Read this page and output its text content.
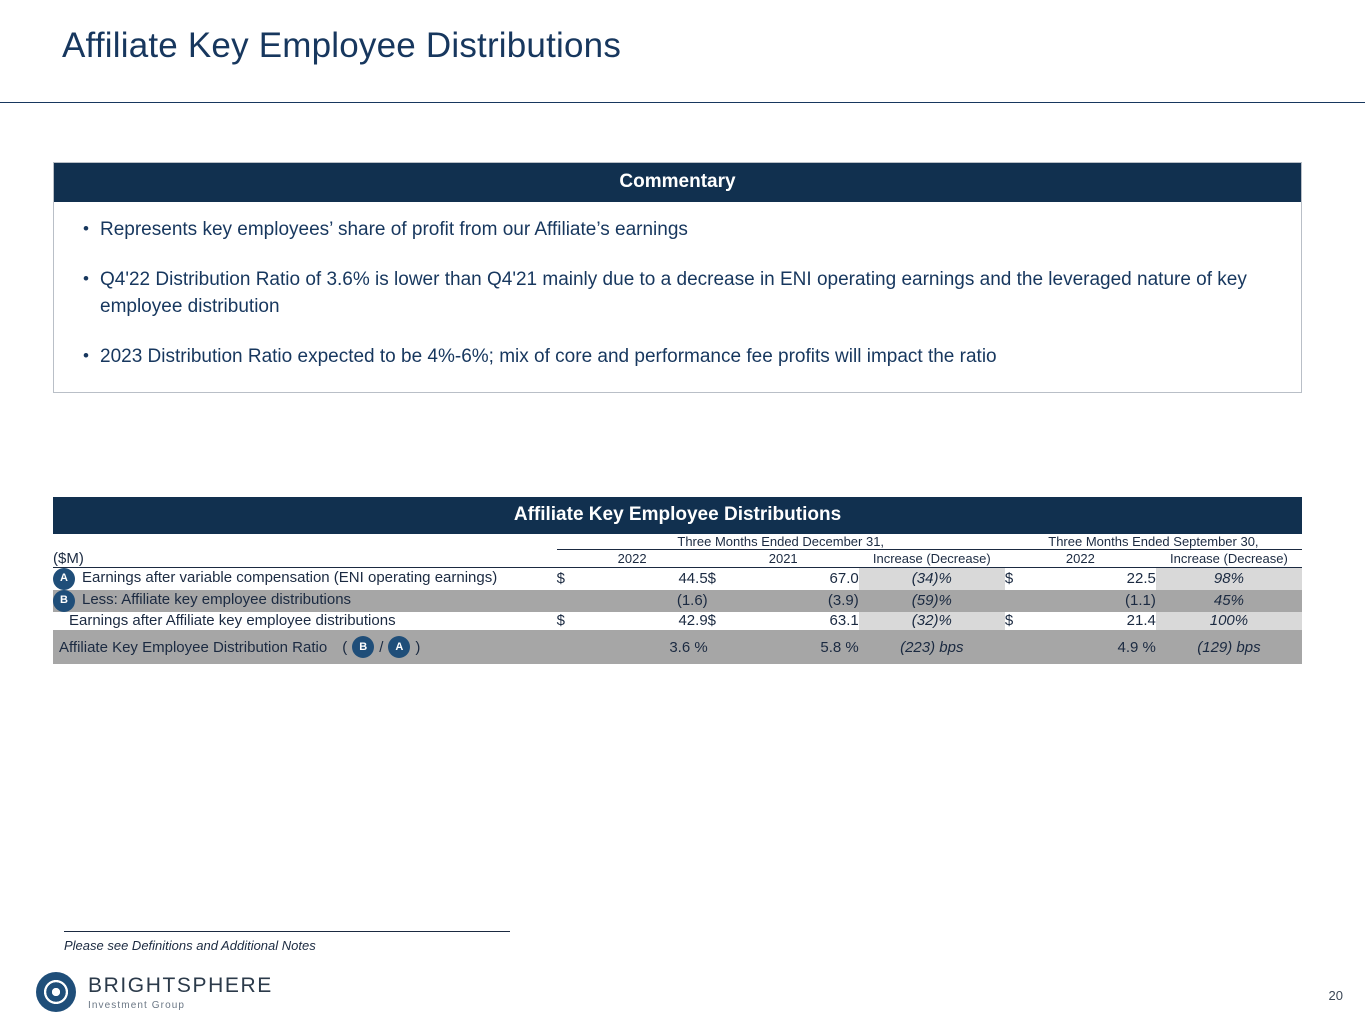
Affiliate Key Employee Distributions
Commentary
• Represents key employees’ share of profit from our Affiliate’s earnings
• Q4'22 Distribution Ratio of 3.6% is lower than Q4'21 mainly due to a decrease in ENI operating earnings and the leveraged nature of key employee distribution
• 2023 Distribution Ratio expected to be 4%-6%; mix of core and performance fee profits will impact the ratio
Affiliate Key Employee Distributions
	Three Months Ended December 31,					Three Months Ended September 30,		
($M)	2022		2021		Increase (Decrease)	2022		Increase (Decrease)

A Earnings after variable compensation (ENI operating earnings)	$	44.5	$	67.0	(34)%	$	22.5	98%

B Less: Affiliate key employee distributions		(1.6)		(3.9)	(59)%		(1.1)	45%
Earnings after Affiliate key employee distributions	$	42.9	$	63.1	(32)%	$	21.4	100%

Affiliate Key Employee Distribution Ratio (	B /	A )		3.6 %		5.8 %	(223) bps		4.9 %	(129) bps
Please see Definitions and Additional Notes
BRIGHTSPHERE
Investment Group
20
